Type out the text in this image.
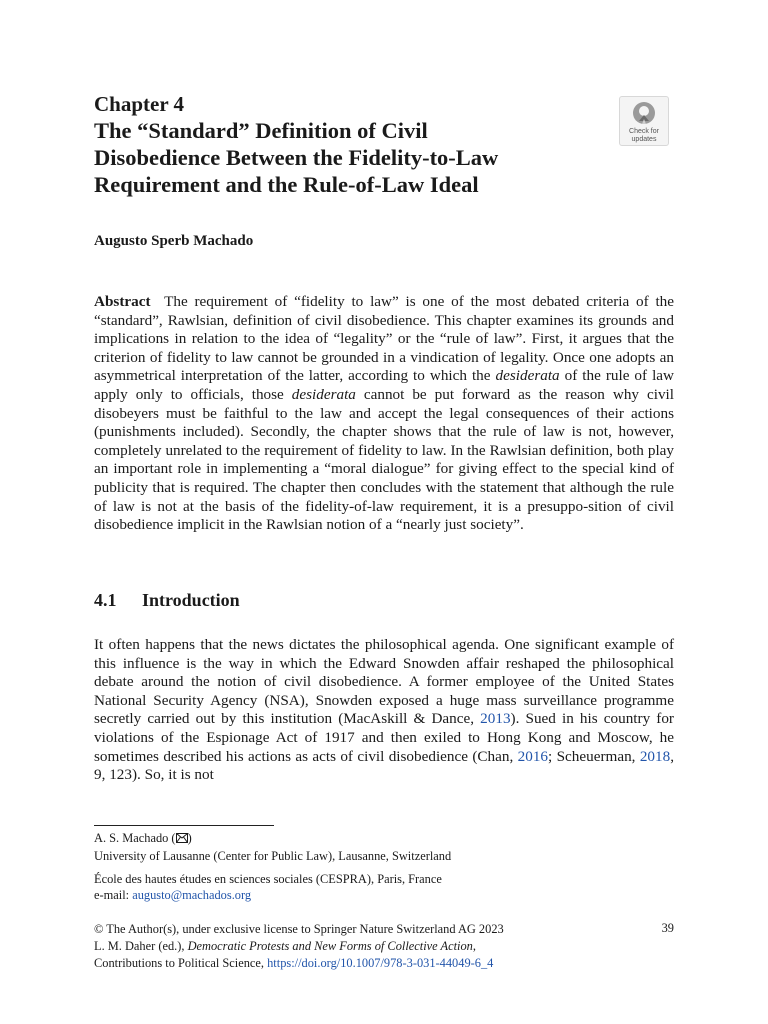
Chapter 4
The “Standard” Definition of Civil
Disobedience Between the Fidelity-to-Law
Requirement and the Rule-of-Law Ideal
Check for
updates
Augusto Sperb Machado

Abstract The requirement of “fidelity to law” is one of the most debated criteria of the “standard”, Rawlsian, definition of civil disobedience. This chapter examines its grounds and implications in relation to the idea of “legality” or the “rule of law”. First, it argues that the criterion of fidelity to law cannot be grounded in a vindication of legality. Once one adopts an asymmetrical interpretation of the latter, according to which the desiderata of the rule of law apply only to officials, those desiderata cannot be put forward as the reason why civil disobeyers must be faithful to the law and accept the legal consequences of their actions (punishments included). Secondly, the chapter shows that the rule of law is not, however, completely unrelated to the requirement of fidelity to law. In the Rawlsian definition, both play an important role in implementing a “moral dialogue” for giving effect to the special kind of publicity that is required. The chapter then concludes with the statement that although the rule of law is not at the basis of the fidelity-of-law requirement, it is a presuppo-sition of civil disobedience implicit in the Rawlsian notion of a “nearly just society”.

4.1 Introduction

It often happens that the news dictates the philosophical agenda. One significant example of this influence is the way in which the Edward Snowden affair reshaped the philosophical debate around the notion of civil disobedience. A former employee of the United States National Security Agency (NSA), Snowden exposed a huge mass surveillance programme secretly carried out by this institution (MacAskill & Dance, 2013). Sued in his country for violations of the Espionage Act of 1917 and then exiled to Hong Kong and Moscow, he sometimes described his actions as acts of civil disobedience (Chan, 2016; Scheuerman, 2018, 9, 123). So, it is not

A. S. Machado ( )
University of Lausanne (Center for Public Law), Lausanne, Switzerland
École des hautes études en sciences sociales (CESPRA), Paris, France
e-mail: augusto@machados.org
© The Author(s), under exclusive license to Springer Nature Switzerland AG 2023
L. M. Daher (ed.), Democratic Protests and New Forms of Collective Action,
Contributions to Political Science, https://doi.org/10.1007/978-3-031-44049-6_4
39
